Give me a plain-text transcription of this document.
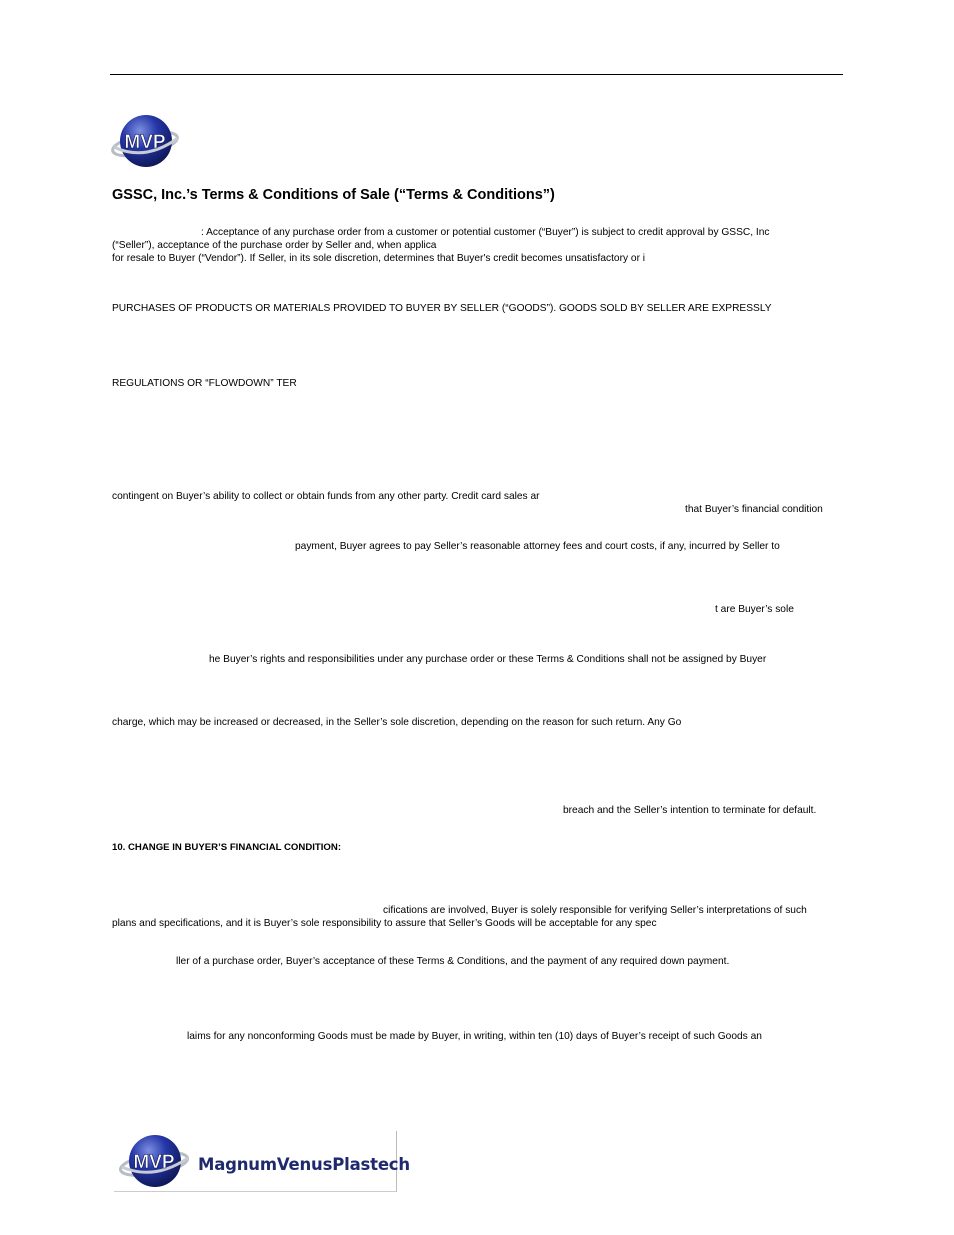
MVP
GSSC, Inc.’s Terms & Conditions of Sale (“Terms & Conditions”)
: Acceptance of any purchase order from a customer or potential customer (“Buyer”) is subject to credit approval by GSSC, Inc
(“Seller”), acceptance of the purchase order by Seller and, when applica
for resale to Buyer (“Vendor”). If Seller, in its sole discretion, determines that Buyer's credit becomes unsatisfactory or i
PURCHASES OF PRODUCTS OR MATERIALS PROVIDED TO BUYER BY SELLER (“GOODS”). GOODS SOLD BY SELLER ARE EXPRESSLY
REGULATIONS OR “FLOWDOWN” TER
contingent on Buyer’s ability to collect or obtain funds from any other party. Credit card sales ar
that Buyer’s financial condition
payment, Buyer agrees to pay Seller’s reasonable attorney fees and court costs, if any, incurred by Seller to
t are Buyer’s sole
he Buyer’s rights and responsibilities under any purchase order or these Terms & Conditions shall not be assigned by Buyer
charge, which may be increased or decreased, in the Seller’s sole discretion, depending on the reason for such return. Any Go
breach and the Seller’s intention to terminate for default.
10. CHANGE IN BUYER’S FINANCIAL CONDITION:
cifications are involved, Buyer is solely responsible for verifying Seller’s interpretations of such
plans and specifications, and it is Buyer’s sole responsibility to assure that Seller’s Goods will be acceptable for any spec
ller of a purchase order, Buyer’s acceptance of these Terms & Conditions, and the payment of any required down payment.
laims for any nonconforming Goods must be made by Buyer, in writing, within ten (10) days of Buyer’s receipt of such Goods an
MVP MagnumVenusPlastech
